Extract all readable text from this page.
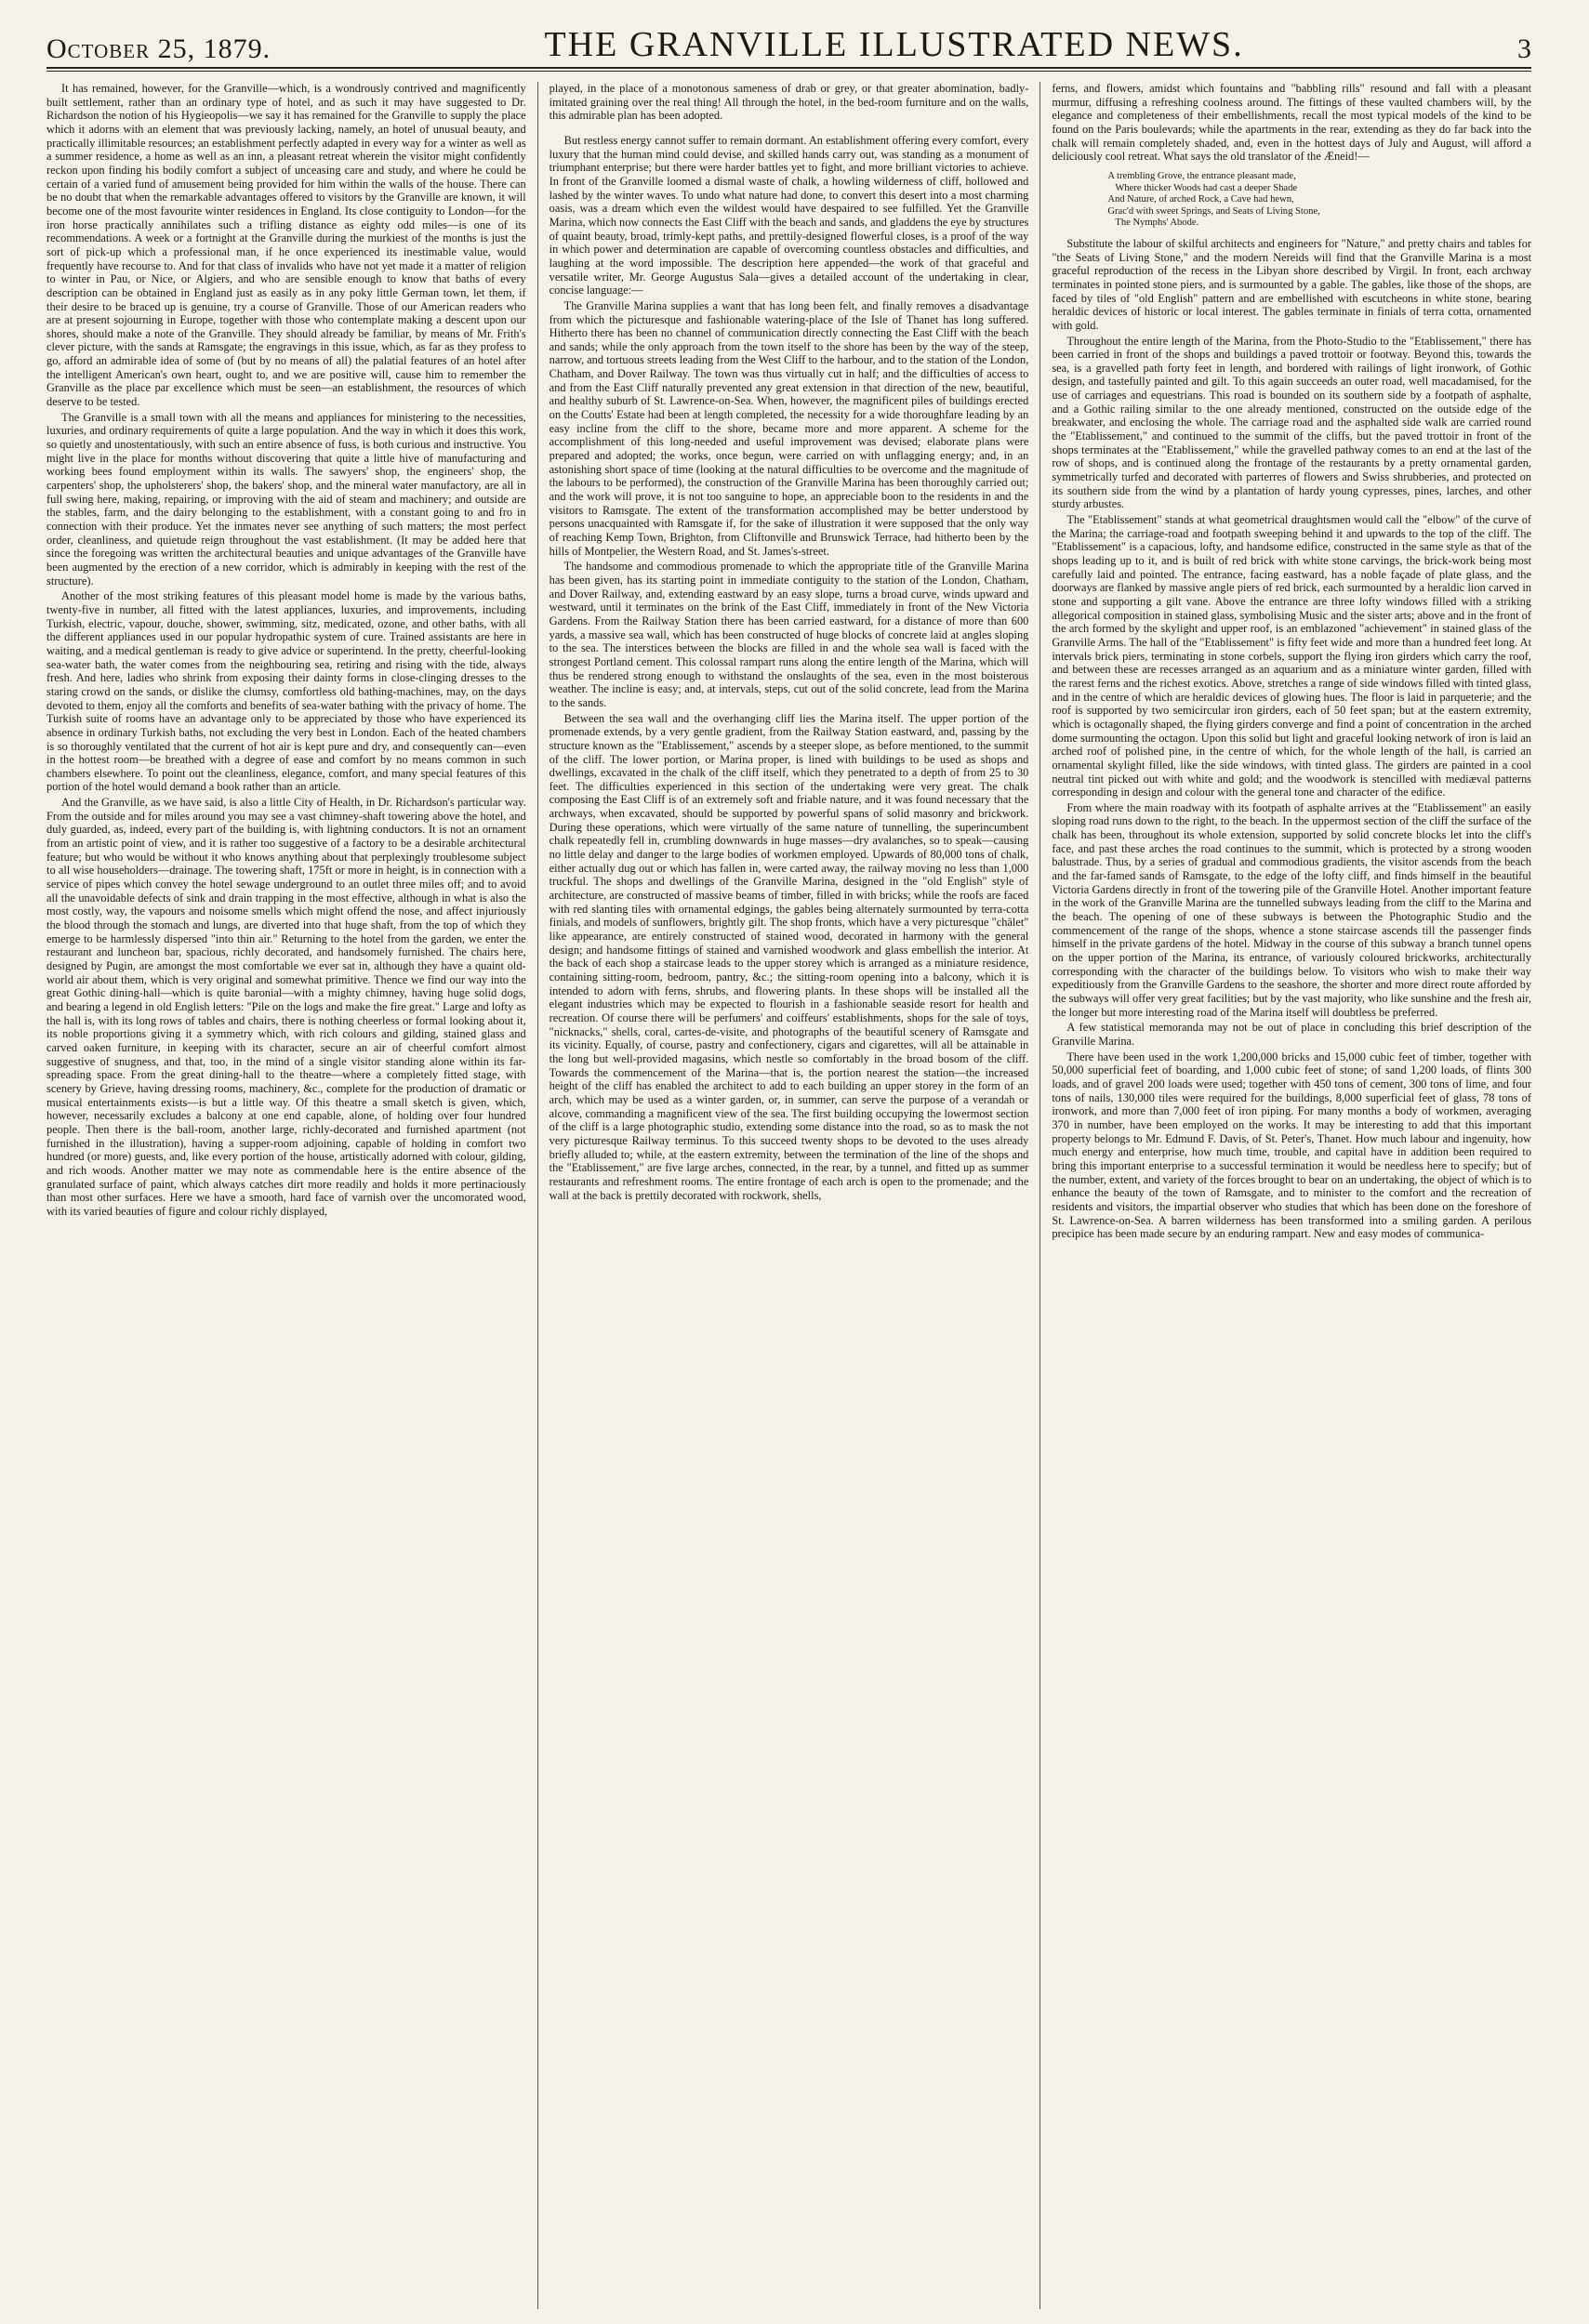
October 25, 1879.	THE GRANVILLE ILLUSTRATED NEWS.	3

It has remained, however, for the Granville—which, is a wondrously contrived and magnificently built settlement, rather than an ordinary type of hotel, and as such it may have suggested to Dr. Richardson the notion of his Hygieopolis—we say it has remained for the Granville to supply the place which it adorns with an element that was previously lacking, namely, an hotel of unusual beauty, and practically illimitable resources; an establishment perfectly adapted in every way for a winter as well as a summer residence, a home as well as an inn, a pleasant retreat wherein the visitor might confidently reckon upon finding his bodily comfort a subject of unceasing care and study, and where he could be certain of a varied fund of amusement being provided for him within the walls of the house. There can be no doubt that when the remarkable advantages offered to visitors by the Granville are known, it will become one of the most favourite winter residences in England. Its close contiguity to London—for the iron horse practically annihilates such a trifling distance as eighty odd miles—is one of its recommendations. A week or a fortnight at the Granville during the murkiest of the months is just the sort of pick-up which a professional man, if he once experienced its inestimable value, would frequently have recourse to. And for that class of invalids who have not yet made it a matter of religion to winter in Pau, or Nice, or Algiers, and who are sensible enough to know that baths of every description can be obtained in England just as easily as in any poky little German town, let them, if their desire to be braced up is genuine, try a course of Granville. Those of our American readers who are at present sojourning in Europe, together with those who contemplate making a descent upon our shores, should make a note of the Granville. They should already be familiar, by means of Mr. Frith's clever picture, with the sands at Ramsgate; the engravings in this issue, which, as far as they profess to go, afford an admirable idea of some of (but by no means of all) the palatial features of an hotel after the intelligent American's own heart, ought to, and we are positive will, cause him to remember the Granville as the place par excellence which must be seen—an establishment, the resources of which deserve to be tested.

The Granville is a small town with all the means and appliances for ministering to the necessities, luxuries, and ordinary requirements of quite a large population. And the way in which it does this work, so quietly and unostentatiously, with such an entire absence of fuss, is both curious and instructive. You might live in the place for months without discovering that quite a little hive of manufacturing and working bees found employment within its walls. The sawyers' shop, the engineers' shop, the carpenters' shop, the upholsterers' shop, the bakers' shop, and the mineral water manufactory, are all in full swing here, making, repairing, or improving with the aid of steam and machinery; and outside are the stables, farm, and the dairy belonging to the establishment, with a constant going to and fro in connection with their produce. Yet the inmates never see anything of such matters; the most perfect order, cleanliness, and quietude reign throughout the vast establishment. (It may be added here that since the foregoing was written the architectural beauties and unique advantages of the Granville have been augmented by the erection of a new corridor, which is admirably in keeping with the rest of the structure).

Another of the most striking features of this pleasant model home is made by the various baths, twenty-five in number, all fitted with the latest appliances, luxuries, and improvements, including Turkish, electric, vapour, douche, shower, swimming, sitz, medicated, ozone, and other baths, with all the different appliances used in our popular hydropathic system of cure. Trained assistants are here in waiting, and a medical gentleman is ready to give advice or superintend. In the pretty, cheerful-looking sea-water bath, the water comes from the neighbouring sea, retiring and rising with the tide, always fresh. And here, ladies who shrink from exposing their dainty forms in close-clinging dresses to the staring crowd on the sands, or dislike the clumsy, comfortless old bathing-machines, may, on the days devoted to them, enjoy all the comforts and benefits of sea-water bathing with the privacy of home. The Turkish suite of rooms have an advantage only to be appreciated by those who have experienced its absence in ordinary Turkish baths, not excluding the very best in London. Each of the heated chambers is so thoroughly ventilated that the current of hot air is kept pure and dry, and consequently can—even in the hottest room—be breathed with a degree of ease and comfort by no means common in such chambers elsewhere. To point out the cleanliness, elegance, comfort, and many special features of this portion of the hotel would demand a book rather than an article.

And the Granville, as we have said, is also a little City of Health, in Dr. Richardson's particular way. From the outside and for miles around you may see a vast chimney-shaft towering above the hotel, and duly guarded, as, indeed, every part of the building is, with lightning conductors. It is not an ornament from an artistic point of view, and it is rather too suggestive of a factory to be a desirable architectural feature; but who would be without it who knows anything about that perplexingly troublesome subject to all wise householders—drainage. The towering shaft, 175ft or more in height, is in connection with a service of pipes which convey the hotel sewage underground to an outlet three miles off; and to avoid all the unavoidable defects of sink and drain trapping in the most effective, although in what is also the most costly, way, the vapours and noisome smells which might offend the nose, and affect injuriously the blood through the stomach and lungs, are diverted into that huge shaft, from the top of which they emerge to be harmlessly dispersed "into thin air." Returning to the hotel from the garden, we enter the restaurant and luncheon bar, spacious, richly decorated, and handsomely furnished. The chairs here, designed by Pugin, are amongst the most comfortable we ever sat in, although they have a quaint old-world air about them, which is very original and somewhat primitive. Thence we find our way into the great Gothic dining-hall—which is quite baronial—with a mighty chimney, having huge solid dogs, and bearing a legend in old English letters: "Pile on the logs and make the fire great." Large and lofty as the hall is, with its long rows of tables and chairs, there is nothing cheerless or formal looking about it, its noble proportions giving it a symmetry which, with rich colours and gilding, stained glass and carved oaken furniture, in keeping with its character, secure an air of cheerful comfort almost suggestive of snugness, and that, too, in the mind of a single visitor standing alone within its far-spreading space. From the great dining-hall to the theatre—where a completely fitted stage, with scenery by Grieve, having dressing rooms, machinery, &c., complete for the production of dramatic or musical entertainments exists—is but a little way. Of this theatre a small sketch is given, which, however, necessarily excludes a balcony at one end capable, alone, of holding over four hundred people. Then there is the ball-room, another large, richly-decorated and furnished apartment (not furnished in the illustration), having a supper-room adjoining, capable of holding in comfort two hundred (or more) guests, and, like every portion of the house, artistically adorned with colour, gilding, and rich woods. Another matter we may note as commendable here is the entire absence of the granulated surface of paint, which always catches dirt more readily and holds it more pertinaciously than most other surfaces. Here we have a smooth, hard face of varnish over the uncomorated wood, with its varied beauties of figure and colour richly displayed,

played, in the place of a monotonous sameness of drab or grey, or that greater abomination, badly-imitated graining over the real thing! All through the hotel, in the bed-room furniture and on the walls, this admirable plan has been adopted.

But restless energy cannot suffer to remain dormant. An establishment offering every comfort, every luxury that the human mind could devise, and skilled hands carry out, was standing as a monument of triumphant enterprise; but there were harder battles yet to fight, and more brilliant victories to achieve. In front of the Granville loomed a dismal waste of chalk, a howling wilderness of cliff, hollowed and lashed by the winter waves. To undo what nature had done, to convert this desert into a most charming oasis, was a dream which even the wildest would have despaired to see fulfilled. Yet the Granville Marina, which now connects the East Cliff with the beach and sands, and gladdens the eye by structures of quaint beauty, broad, trimly-kept paths, and prettily-designed flowerful closes, is a proof of the way in which power and determination are capable of overcoming countless obstacles and difficulties, and laughing at the word impossible. The description here appended—the work of that graceful and versatile writer, Mr. George Augustus Sala—gives a detailed account of the undertaking in clear, concise language:—

The Granville Marina supplies a want that has long been felt, and finally removes a disadvantage from which the picturesque and fashionable watering-place of the Isle of Thanet has long suffered. Hitherto there has been no channel of communication directly connecting the East Cliff with the beach and sands; while the only approach from the town itself to the shore has been by the way of the steep, narrow, and tortuous streets leading from the West Cliff to the harbour, and to the station of the London, Chatham, and Dover Railway. The town was thus virtually cut in half; and the difficulties of access to and from the East Cliff naturally prevented any great extension in that direction of the new, beautiful, and healthy suburb of St. Lawrence-on-Sea. When, however, the magnificent piles of buildings erected on the Coutts' Estate had been at length completed, the necessity for a wide thoroughfare leading by an easy incline from the cliff to the shore, became more and more apparent. A scheme for the accomplishment of this long-needed and useful improvement was devised; elaborate plans were prepared and adopted; the works, once begun, were carried on with unflagging energy; and, in an astonishing short space of time (looking at the natural difficulties to be overcome and the magnitude of the labours to be performed), the construction of the Granville Marina has been thoroughly carried out; and the work will prove, it is not too sanguine to hope, an appreciable boon to the residents in and the visitors to Ramsgate. The extent of the transformation accomplished may be better understood by persons unacquainted with Ramsgate if, for the sake of illustration it were supposed that the only way of reaching Kemp Town, Brighton, from Cliftonville and Brunswick Terrace, had hitherto been by the hills of Montpelier, the Western Road, and St. James's-street.

The handsome and commodious promenade to which the appropriate title of the Granville Marina has been given, has its starting point in immediate contiguity to the station of the London, Chatham, and Dover Railway, and, extending eastward by an easy slope, turns a broad curve, winds upward and westward, until it terminates on the brink of the East Cliff, immediately in front of the New Victoria Gardens. From the Railway Station there has been carried eastward, for a distance of more than 600 yards, a massive sea wall, which has been constructed of huge blocks of concrete laid at angles sloping to the sea. The interstices between the blocks are filled in and the whole sea wall is faced with the strongest Portland cement. This colossal rampart runs along the entire length of the Marina, which will thus be rendered strong enough to withstand the onslaughts of the sea, even in the most boisterous weather. The incline is easy; and, at intervals, steps, cut out of the solid concrete, lead from the Marina to the sands.

Between the sea wall and the overhanging cliff lies the Marina itself. The upper portion of the promenade extends, by a very gentle gradient, from the Railway Station eastward, and, passing by the structure known as the "Etablissement," ascends by a steeper slope, as before mentioned, to the summit of the cliff. The lower portion, or Marina proper, is lined with buildings to be used as shops and dwellings, excavated in the chalk of the cliff itself, which they penetrated to a depth of from 25 to 30 feet. The difficulties experienced in this section of the undertaking were very great. The chalk composing the East Cliff is of an extremely soft and friable nature, and it was found necessary that the archways, when excavated, should be supported by powerful spans of solid masonry and brickwork. During these operations, which were virtually of the same nature of tunnelling, the superincumbent chalk repeatedly fell in, crumbling downwards in huge masses—dry avalanches, so to speak—causing no little delay and danger to the large bodies of workmen employed. Upwards of 80,000 tons of chalk, either actually dug out or which has fallen in, were carted away, the railway moving no less than 1,000 truckful. The shops and dwellings of the Granville Marina, designed in the "old English" style of architecture, are constructed of massive beams of timber, filled in with bricks; while the roofs are faced with red slanting tiles with ornamental edgings, the gables being alternately surmounted by terra-cotta finials, and models of sunflowers, brightly gilt. The shop fronts, which have a very picturesque "châlet" like appearance, are entirely constructed of stained wood, decorated in harmony with the general design; and handsome fittings of stained and varnished woodwork and glass embellish the interior. At the back of each shop a staircase leads to the upper storey which is arranged as a miniature residence, containing sitting-room, bedroom, pantry, &c.; the sitting-room opening into a balcony, which it is intended to adorn with ferns, shrubs, and flowering plants. In these shops will be installed all the elegant industries which may be expected to flourish in a fashionable seaside resort for health and recreation. Of course there will be perfumers' and coiffeurs' establishments, shops for the sale of toys, "nicknacks," shells, coral, cartes-de-visite, and photographs of the beautiful scenery of Ramsgate and its vicinity. Equally, of course, pastry and confectionery, cigars and cigarettes, will all be attainable in the long but well-provided magasins, which nestle so comfortably in the broad bosom of the cliff. Towards the commencement of the Marina—that is, the portion nearest the station—the increased height of the cliff has enabled the architect to add to each building an upper storey in the form of an arch, which may be used as a winter garden, or, in summer, can serve the purpose of a verandah or alcove, commanding a magnificent view of the sea. The first building occupying the lowermost section of the cliff is a large photographic studio, extending some distance into the road, so as to mask the not very picturesque Railway terminus. To this succeed twenty shops to be devoted to the uses already briefly alluded to; while, at the eastern extremity, between the termination of the line of the shops and the "Etablissement," are five large arches, connected, in the rear, by a tunnel, and fitted up as summer restaurants and refreshment rooms. The entire frontage of each arch is open to the promenade; and the wall at the back is prettily decorated with rockwork, shells,

ferns, and flowers, amidst which fountains and "babbling rills" resound and fall with a pleasant murmur, diffusing a refreshing coolness around. The fittings of these vaulted chambers will, by the elegance and completeness of their embellishments, recall the most typical models of the kind to be found on the Paris boulevards; while the apartments in the rear, extending as they do far back into the chalk will remain completely shaded, and, even in the hottest days of July and August, will afford a deliciously cool retreat. What says the old translator of the Æneid!—

A trembling Grove, the entrance pleasant made,
Where thicker Woods had cast a deeper Shade
And Nature, of arched Rock, a Cave had hewn,
Grac'd with sweet Springs, and Seats of Living Stone,
The Nymphs' Abode.

Substitute the labour of skilful architects and engineers for "Nature," and pretty chairs and tables for "the Seats of Living Stone," and the modern Nereids will find that the Granville Marina is a most graceful reproduction of the recess in the Libyan shore described by Virgil. In front, each archway terminates in pointed stone piers, and is surmounted by a gable. The gables, like those of the shops, are faced by tiles of "old English" pattern and are embellished with escutcheons in white stone, bearing heraldic devices of historic or local interest. The gables terminate in finials of terra cotta, ornamented with gold.

Throughout the entire length of the Marina, from the Photo-Studio to the "Etablissement," there has been carried in front of the shops and buildings a paved trottoir or footway. Beyond this, towards the sea, is a gravelled path forty feet in length, and bordered with railings of light ironwork, of Gothic design, and tastefully painted and gilt. To this again succeeds an outer road, well macadamised, for the use of carriages and equestrians. This road is bounded on its southern side by a footpath of asphalte, and a Gothic railing similar to the one already mentioned, constructed on the outside edge of the breakwater, and enclosing the whole. The carriage road and the asphalted side walk are carried round the "Etablissement," and continued to the summit of the cliffs, but the paved trottoir in front of the shops terminates at the "Etablissement," while the gravelled pathway comes to an end at the last of the row of shops, and is continued along the frontage of the restaurants by a pretty ornamental garden, symmetrically turfed and decorated with parterres of flowers and Swiss shrubberies, and protected on its southern side from the wind by a plantation of hardy young cypresses, pines, larches, and other sturdy arbustes.

The "Etablissement" stands at what geometrical draughtsmen would call the "elbow" of the curve of the Marina; the carriage-road and footpath sweeping behind it and upwards to the top of the cliff. The "Etablissement" is a capacious, lofty, and handsome edifice, constructed in the same style as that of the shops leading up to it, and is built of red brick with white stone carvings, the brick-work being most carefully laid and pointed. The entrance, facing eastward, has a noble façade of plate glass, and the doorways are flanked by massive angle piers of red brick, each surmounted by a heraldic lion carved in stone and supporting a gilt vane. Above the entrance are three lofty windows filled with a striking allegorical composition in stained glass, symbolising Music and the sister arts; above and in the front of the arch formed by the skylight and upper roof, is an emblazoned "achievement" in stained glass of the Granville Arms. The hall of the "Etablissement" is fifty feet wide and more than a hundred feet long. At intervals brick piers, terminating in stone corbels, support the flying iron girders which carry the roof, and between these are recesses arranged as an aquarium and as a miniature winter garden, filled with the rarest ferns and the richest exotics. Above, stretches a range of side windows filled with tinted glass, and in the centre of which are heraldic devices of glowing hues. The floor is laid in parqueterie; and the roof is supported by two semicircular iron girders, each of 50 feet span; but at the eastern extremity, which is octagonally shaped, the flying girders converge and find a point of concentration in the arched dome surmounting the octagon. Upon this solid but light and graceful looking network of iron is laid an arched roof of polished pine, in the centre of which, for the whole length of the hall, is carried an ornamental skylight filled, like the side windows, with tinted glass. The girders are painted in a cool neutral tint picked out with white and gold; and the woodwork is stencilled with mediæval patterns corresponding in design and colour with the general tone and character of the edifice.

From where the main roadway with its footpath of asphalte arrives at the "Etablissement" an easily sloping road runs down to the right, to the beach. In the uppermost section of the cliff the surface of the chalk has been, throughout its whole extension, supported by solid concrete blocks let into the cliff's face, and past these arches the road continues to the summit, which is protected by a strong wooden balustrade. Thus, by a series of gradual and commodious gradients, the visitor ascends from the beach and the far-famed sands of Ramsgate, to the edge of the lofty cliff, and finds himself in the beautiful Victoria Gardens directly in front of the towering pile of the Granville Hotel. Another important feature in the work of the Granville Marina are the tunnelled subways leading from the cliff to the Marina and the beach. The opening of one of these subways is between the Photographic Studio and the commencement of the range of the shops, whence a stone staircase ascends till the passenger finds himself in the private gardens of the hotel. Midway in the course of this subway a branch tunnel opens on the upper portion of the Marina, its entrance, of variously coloured brickworks, architecturally corresponding with the character of the buildings below. To visitors who wish to make their way expeditiously from the Granville Gardens to the seashore, the shorter and more direct route afforded by the subways will offer very great facilities; but by the vast majority, who like sunshine and the fresh air, the longer but more interesting road of the Marina itself will doubtless be preferred.

A few statistical memoranda may not be out of place in concluding this brief description of the Granville Marina.

There have been used in the work 1,200,000 bricks and 15,000 cubic feet of timber, together with 50,000 superficial feet of boarding, and 1,000 cubic feet of stone; of sand 1,200 loads, of flints 300 loads, and of gravel 200 loads were used; together with 450 tons of cement, 300 tons of lime, and four tons of nails, 130,000 tiles were required for the buildings, 8,000 superficial feet of glass, 78 tons of ironwork, and more than 7,000 feet of iron piping. For many months a body of workmen, averaging 370 in number, have been employed on the works. It may be interesting to add that this important property belongs to Mr. Edmund F. Davis, of St. Peter's, Thanet. How much labour and ingenuity, how much energy and enterprise, how much time, trouble, and capital have in addition been required to bring this important enterprise to a successful termination it would be needless here to specify; but of the number, extent, and variety of the forces brought to bear on an undertaking, the object of which is to enhance the beauty of the town of Ramsgate, and to minister to the comfort and the recreation of residents and visitors, the impartial observer who studies that which has been done on the foreshore of St. Lawrence-on-Sea. A barren wilderness has been transformed into a smiling garden. A perilous precipice has been made secure by an enduring rampart. New and easy modes of communica-
